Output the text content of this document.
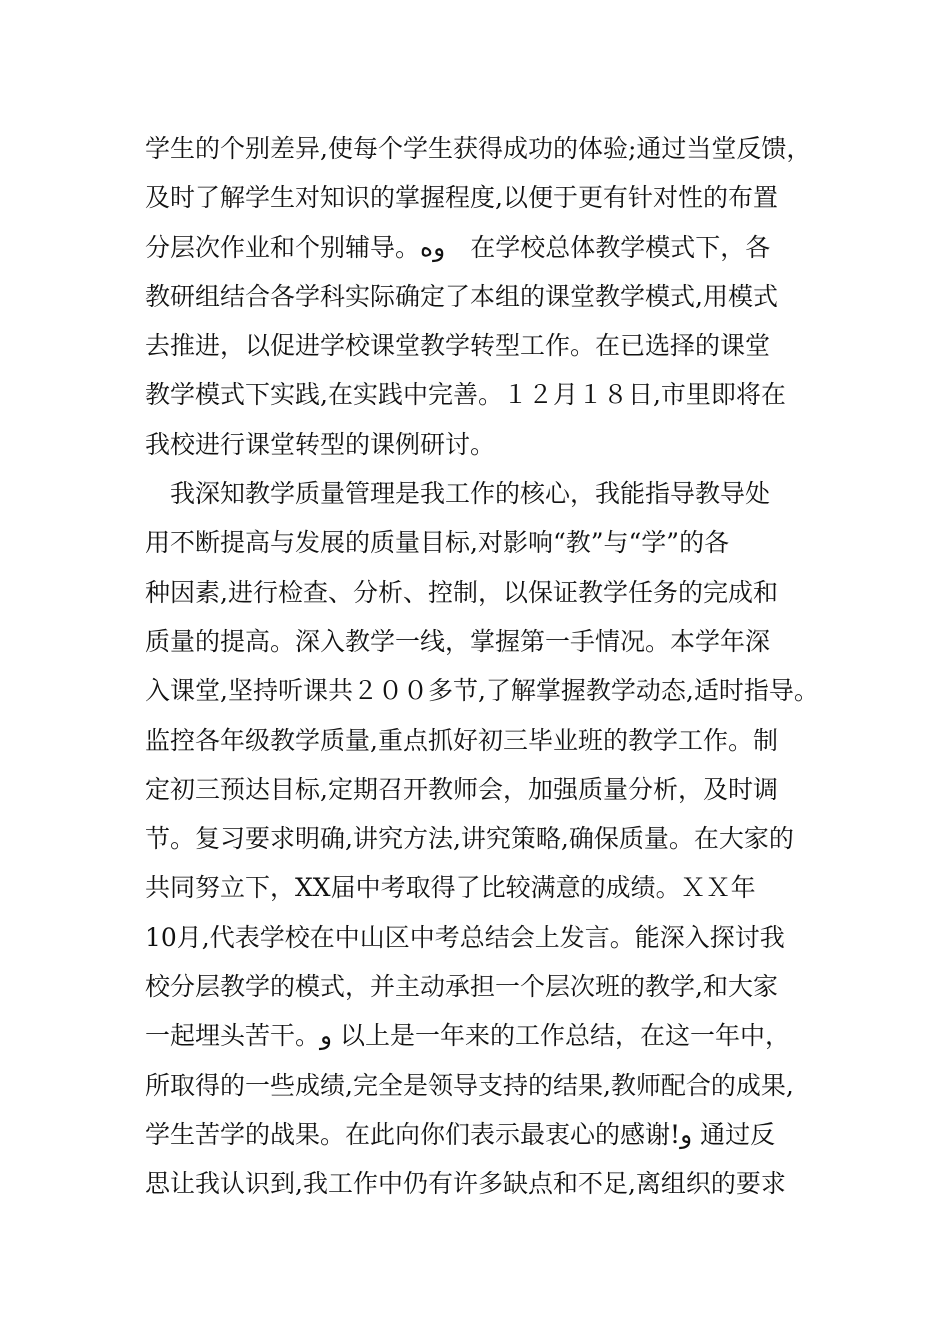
学生的个别差异,使每个学生获得成功的体验;通过当堂反馈，
及时了解学生对知识的掌握程度,以便于更有针对性的布置
分层次作业和个别辅导。وه　在学校总体教学模式下，各
教研组结合各学科实际确定了本组的课堂教学模式,用模式
去推进，以促进学校课堂教学转型工作。在已选择的课堂
教学模式下实践,在实践中完善。１２月１８日,市里即将在
我校进行课堂转型的课例研讨。
　我深知教学质量管理是我工作的核心，我能指导教导处
用不断提高与发展的质量目标,对影响“教”与“学”的各
种因素,进行检查、分析、控制，以保证教学任务的完成和
质量的提高。深入教学一线，掌握第一手情况。本学年深
入课堂,坚持听课共２００多节,了解掌握教学动态,适时指导。
监控各年级教学质量,重点抓好初三毕业班的教学工作。制
定初三预达目标,定期召开教师会，加强质量分析，及时调
节。复习要求明确,讲究方法,讲究策略,确保质量。在大家的
共同努立下，XX届中考取得了比较满意的成绩。ＸＸ年
10月,代表学校在中山区中考总结会上发言。能深入探讨我
校分层教学的模式，并主动承担一个层次班的教学,和大家
一起埋头苦干。و 以上是一年来的工作总结，在这一年中，
所取得的一些成绩,完全是领导支持的结果,教师配合的成果,
学生苦学的战果。在此向你们表示最衷心的感谢!و 通过反
思让我认识到,我工作中仍有许多缺点和不足,离组织的要求
